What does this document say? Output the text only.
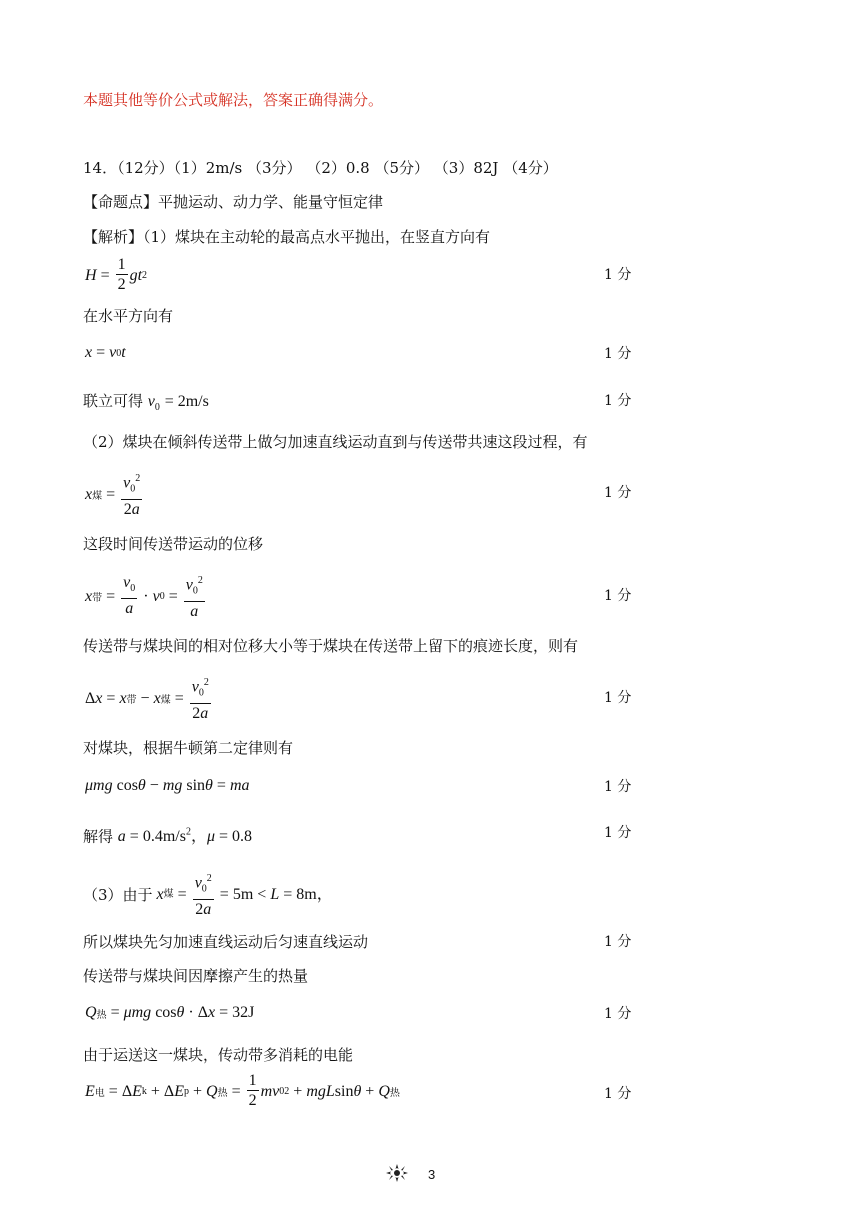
本题其他等价公式或解法，答案正确得满分。
14．（12分）（1）2m/s （3分） （2）0.8 （5分） （3）82J （4分）
【命题点】平抛运动、动力学、能量守恒定律
【解析】（1）煤块在主动轮的最高点水平抛出，在竖直方向有
$H = \frac{1}{2}$ gt 2	1 分
在水平方向有
x = v 0 t	1 分
联立可得 $v_0 = 2m/s$	1 分
（2）煤块在倾斜传送带上做匀加速直线运动直到与传送带共速这段过程，有
x 煤 = $\frac{v_0^2}{2a}$	1 分
这段时间传送带运动的位移
x 带 = $\frac{v_0}{a} \cdot v$ $0 = \frac{v_0^2}{a}$	1 分
传送带与煤块间的相对位移大小等于煤块在传送带上留下的痕迹长度，则有
Δ x = x 带 − x 煤 = $\frac{v_0^2}{2a}$	1 分
对煤块，根据牛顿第二定律则有
μmg cos θ − mg sin θ = ma	1 分
解得 $a = 0.4m/s^2$，μ = 0.8	1 分
（3）由于 x 煤 = $\frac{v_0^2}{2a} = 5m < L = 8m$，
所以煤块先匀加速直线运动后匀速直线运动	1 分
传送带与煤块间因摩擦产生的热量
Q 热 = μmg cos θ · Δ x = 32J	1 分
由于运送这一煤块，传动带多消耗的电能
E 电 = Δ E k + Δ E p + Q 热 = $\frac{1}{2}$ mv 0 2 + mgL sin θ + Q 热	1 分
3
